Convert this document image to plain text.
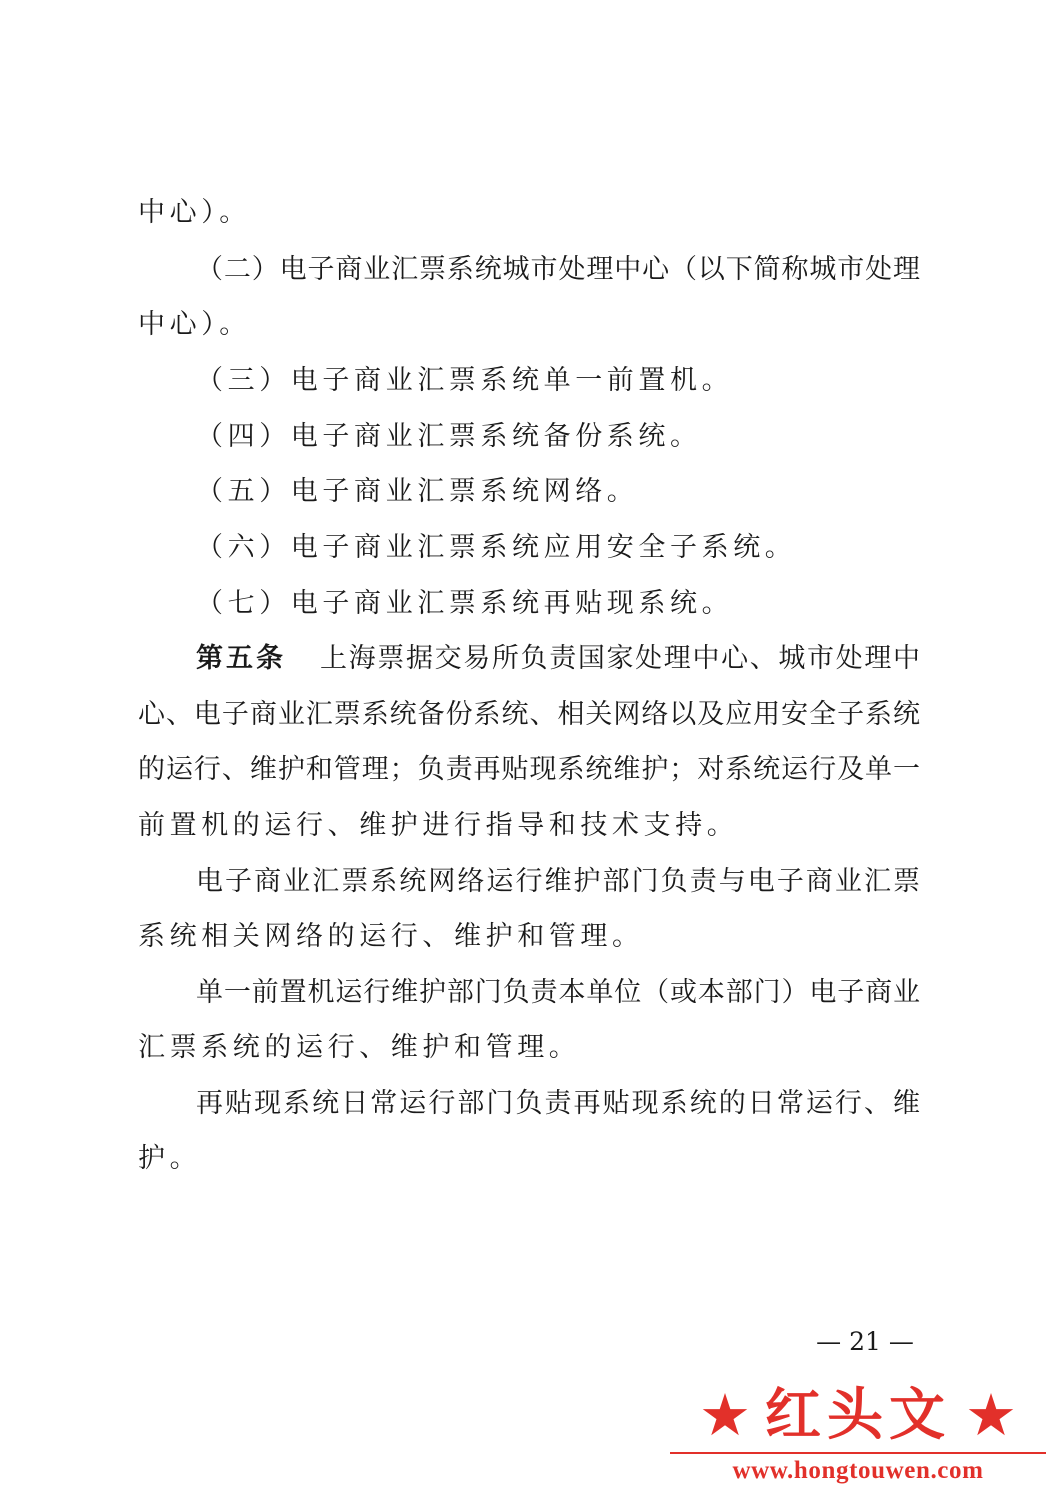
中心）。
（二）电子商业汇票系统城市处理中心（以下简称城市处理
中心）。
（三）电子商业汇票系统单一前置机。
（四）电子商业汇票系统备份系统。
（五）电子商业汇票系统网络。
（六）电子商业汇票系统应用安全子系统。
（七）电子商业汇票系统再贴现系统。
第五条 上海票据交易所负责国家处理中心、城市处理中
心、电子商业汇票系统备份系统、相关网络以及应用安全子系统
的运行、维护和管理；负责再贴现系统维护；对系统运行及单一
前置机的运行、维护进行指导和技术支持。
电子商业汇票系统网络运行维护部门负责与电子商业汇票
系统相关网络的运行、维护和管理。
单一前置机运行维护部门负责本单位（或本部门）电子商业
汇票系统的运行、维护和管理。
再贴现系统日常运行部门负责再贴现系统的日常运行、维
护。
— 21 —
★ 红头文 ★
www.hongtouwen.com
